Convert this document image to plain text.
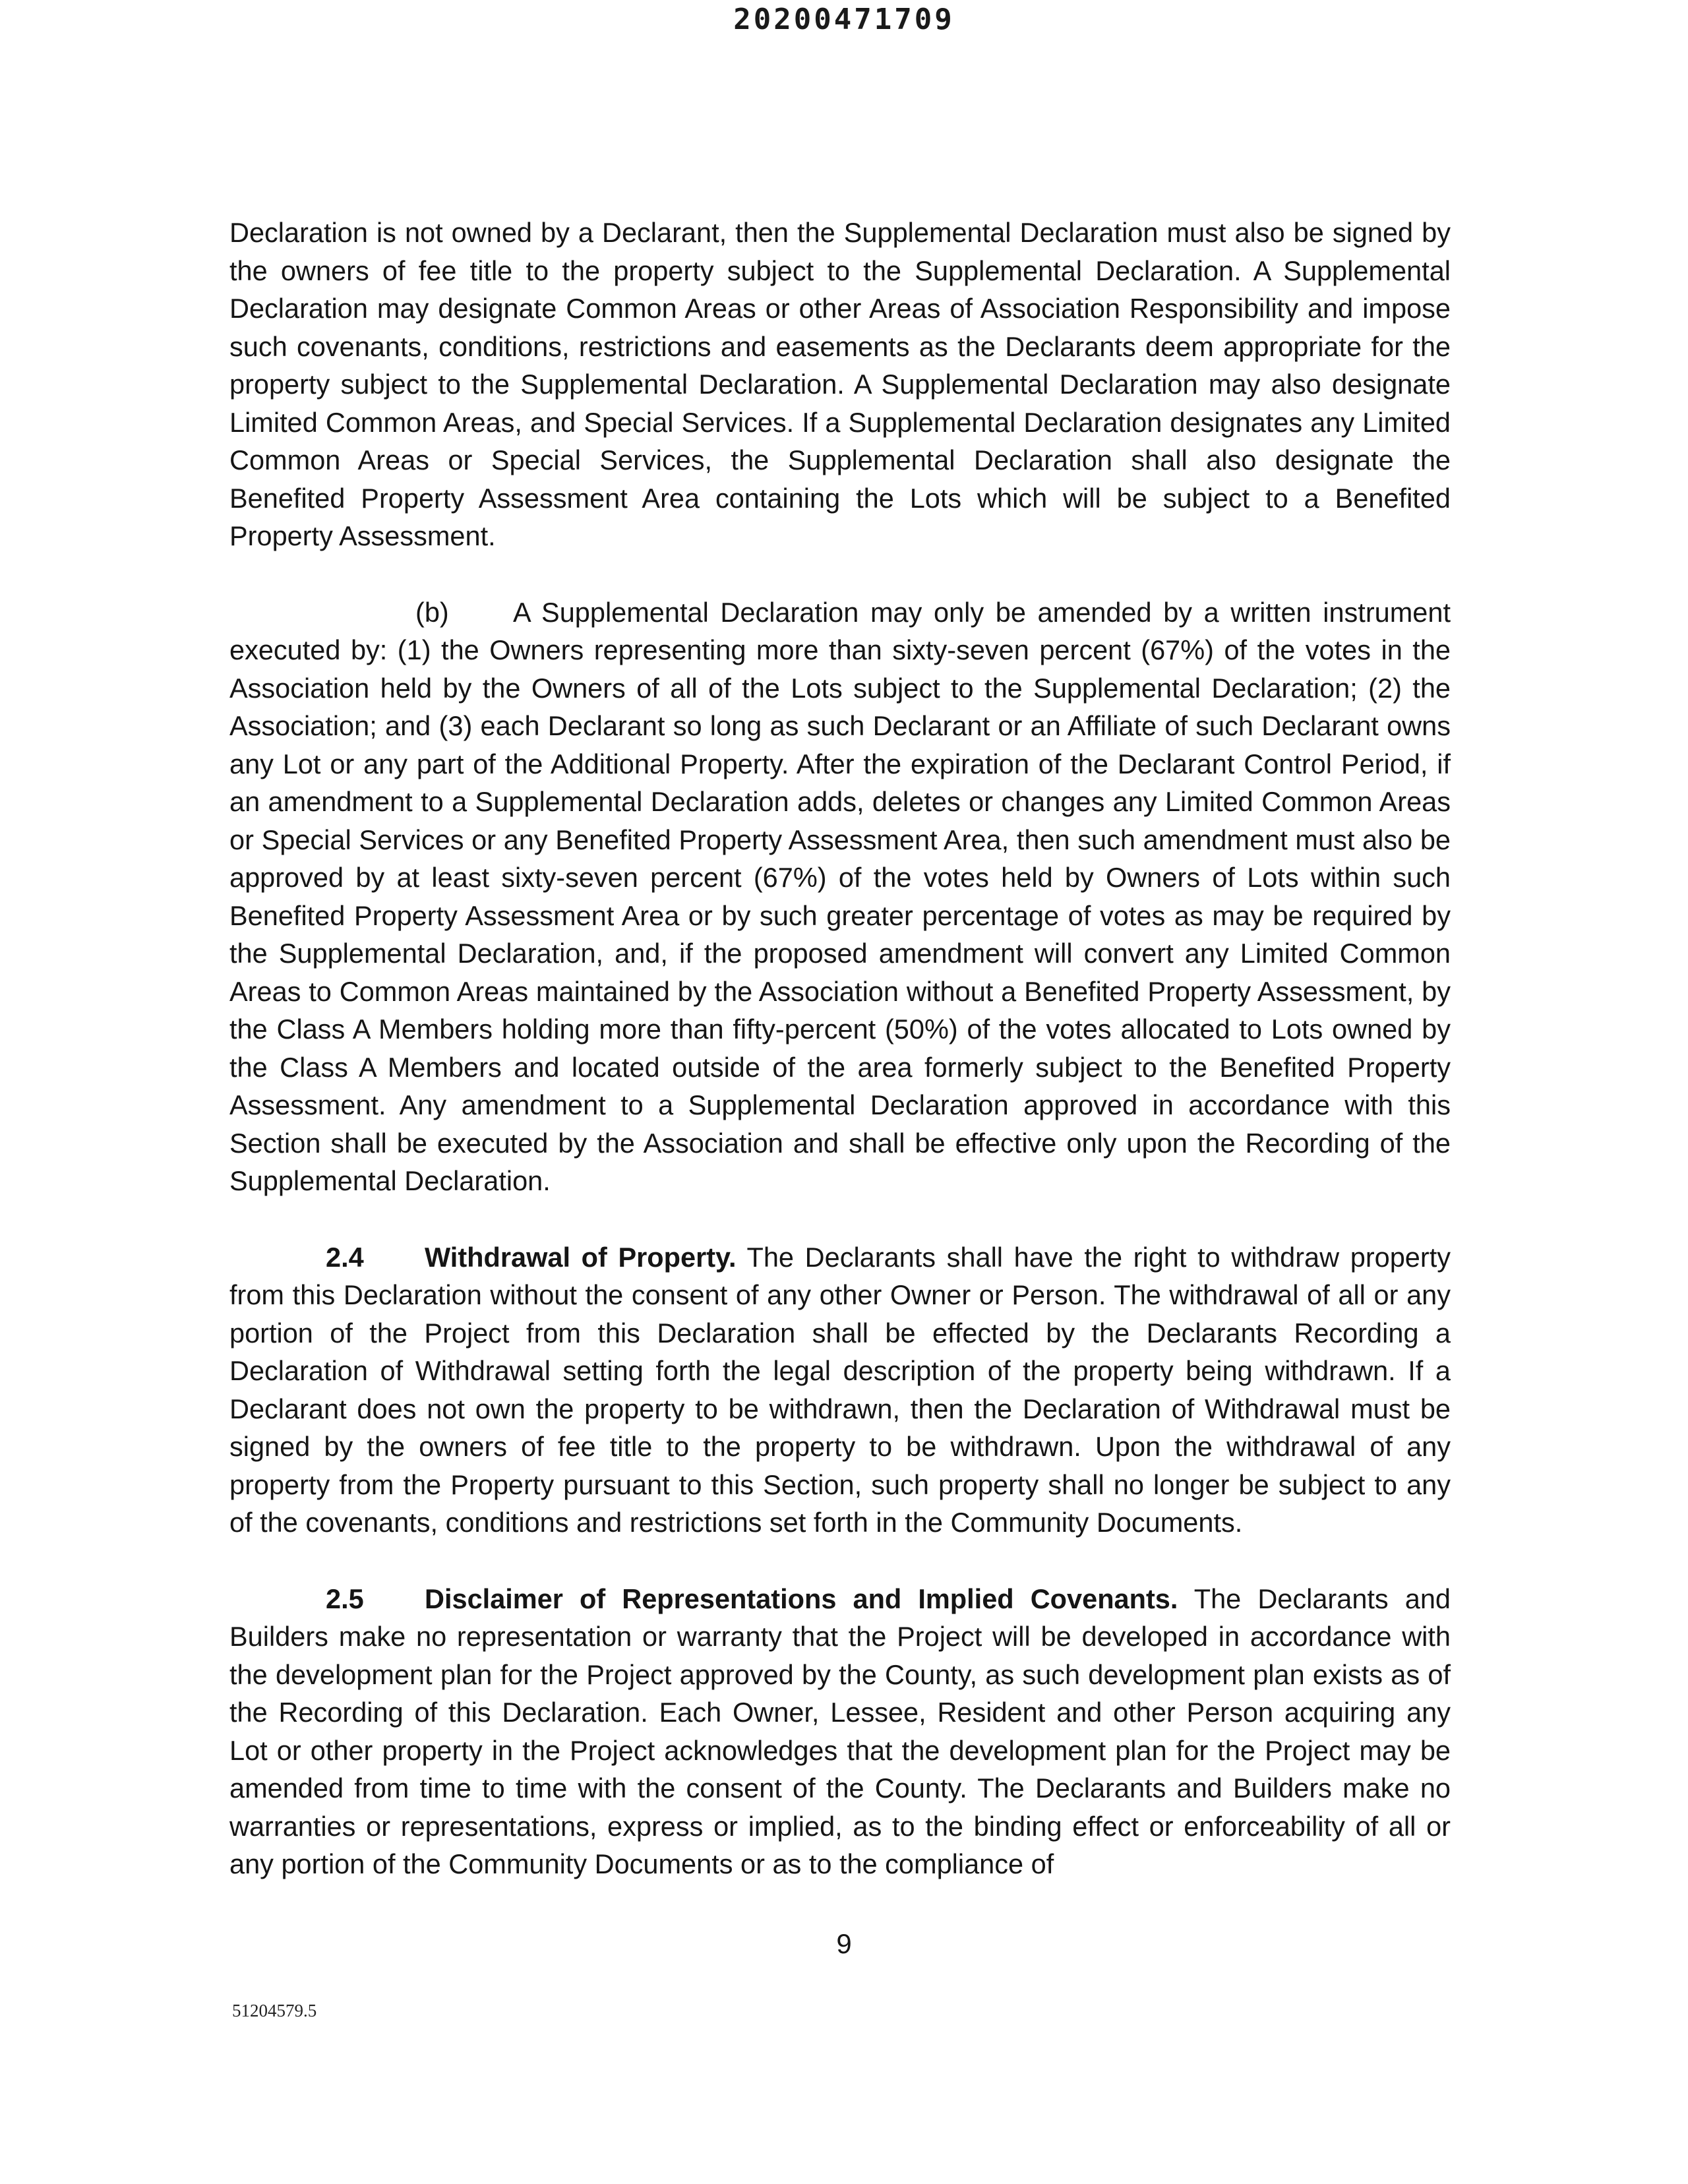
20200471709

Declaration is not owned by a Declarant, then the Supplemental Declaration must also be signed by the owners of fee title to the property subject to the Supplemental Declaration. A Supplemental Declaration may designate Common Areas or other Areas of Association Responsibility and impose such covenants, conditions, restrictions and easements as the Declarants deem appropriate for the property subject to the Supplemental Declaration. A Supplemental Declaration may also designate Limited Common Areas, and Special Services. If a Supplemental Declaration designates any Limited Common Areas or Special Services, the Supplemental Declaration shall also designate the Benefited Property Assessment Area containing the Lots which will be subject to a Benefited Property Assessment.

(b) A Supplemental Declaration may only be amended by a written instrument executed by: (1) the Owners representing more than sixty-seven percent (67%) of the votes in the Association held by the Owners of all of the Lots subject to the Supplemental Declaration; (2) the Association; and (3) each Declarant so long as such Declarant or an Affiliate of such Declarant owns any Lot or any part of the Additional Property. After the expiration of the Declarant Control Period, if an amendment to a Supplemental Declaration adds, deletes or changes any Limited Common Areas or Special Services or any Benefited Property Assessment Area, then such amendment must also be approved by at least sixty-seven percent (67%) of the votes held by Owners of Lots within such Benefited Property Assessment Area or by such greater percentage of votes as may be required by the Supplemental Declaration, and, if the proposed amendment will convert any Limited Common Areas to Common Areas maintained by the Association without a Benefited Property Assessment, by the Class A Members holding more than fifty-percent (50%) of the votes allocated to Lots owned by the Class A Members and located outside of the area formerly subject to the Benefited Property Assessment. Any amendment to a Supplemental Declaration approved in accordance with this Section shall be executed by the Association and shall be effective only upon the Recording of the Supplemental Declaration.

2.4 Withdrawal of Property. The Declarants shall have the right to withdraw property from this Declaration without the consent of any other Owner or Person. The withdrawal of all or any portion of the Project from this Declaration shall be effected by the Declarants Recording a Declaration of Withdrawal setting forth the legal description of the property being withdrawn. If a Declarant does not own the property to be withdrawn, then the Declaration of Withdrawal must be signed by the owners of fee title to the property to be withdrawn. Upon the withdrawal of any property from the Property pursuant to this Section, such property shall no longer be subject to any of the covenants, conditions and restrictions set forth in the Community Documents.

2.5 Disclaimer of Representations and Implied Covenants. The Declarants and Builders make no representation or warranty that the Project will be developed in accordance with the development plan for the Project approved by the County, as such development plan exists as of the Recording of this Declaration. Each Owner, Lessee, Resident and other Person acquiring any Lot or other property in the Project acknowledges that the development plan for the Project may be amended from time to time with the consent of the County. The Declarants and Builders make no warranties or representations, express or implied, as to the binding effect or enforceability of all or any portion of the Community Documents or as to the compliance of

9
51204579.5
